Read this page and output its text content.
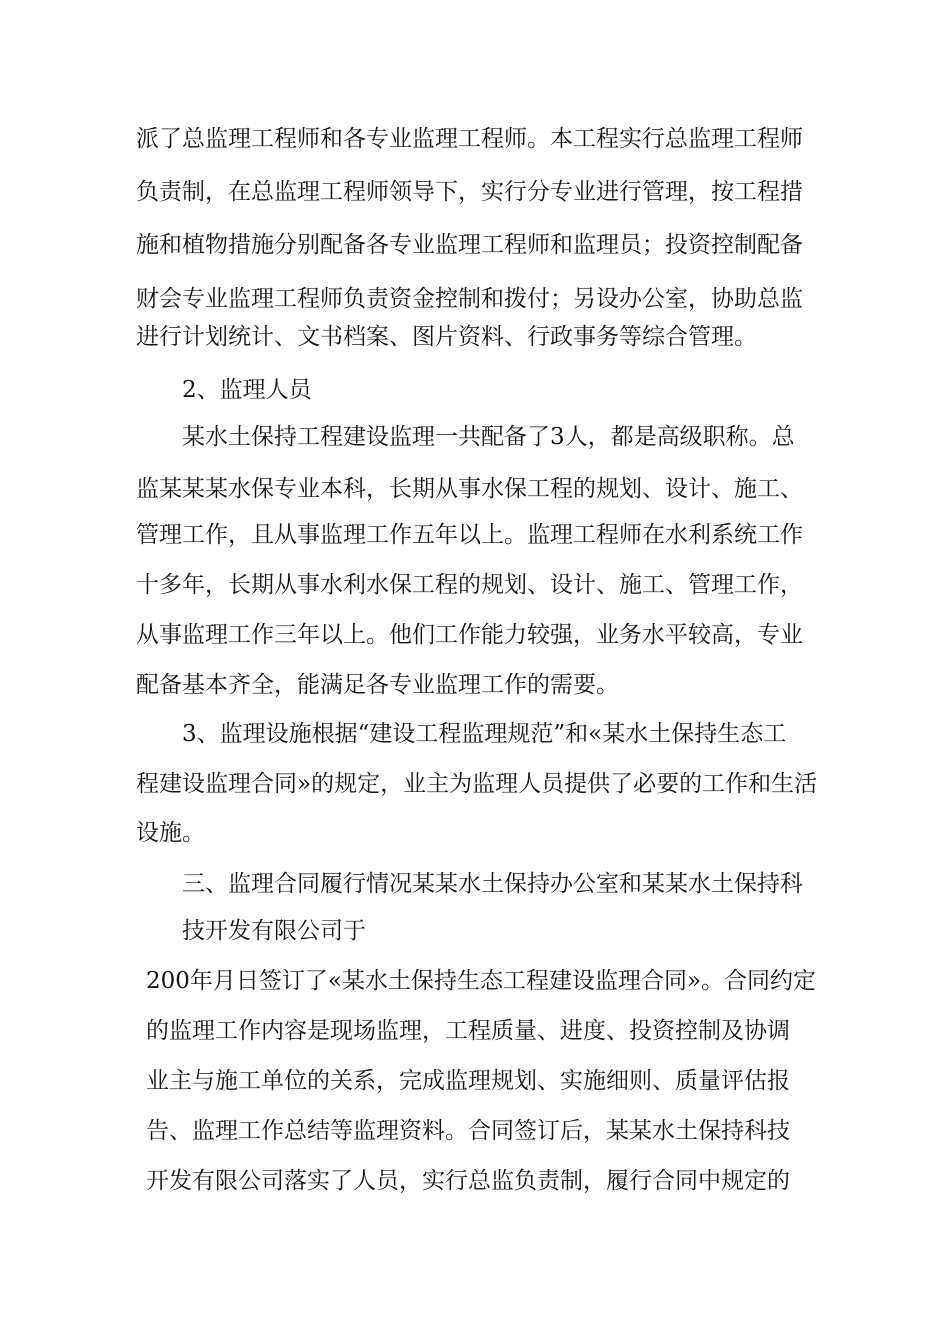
派了总监理工程师和各专业监理工程师。本工程实行总监理工程师
负责制，在总监理工程师领导下，实行分专业进行管理，按工程措
施和植物措施分别配备各专业监理工程师和监理员；投资控制配备
财会专业监理工程师负责资金控制和拨付；另设办公室，协助总监
进行计划统计、文书档案、图片资料、行政事务等综合管理。
2、监理人员
某水土保持工程建设监理一共配备了3人，都是高级职称。总
监某某某水保专业本科，长期从事水保工程的规划、设计、施工、
管理工作，且从事监理工作五年以上。监理工程师在水利系统工作
十多年，长期从事水利水保工程的规划、设计、施工、管理工作，
从事监理工作三年以上。他们工作能力较强，业务水平较高，专业
配备基本齐全，能满足各专业监理工作的需要。
3、监理设施根据“建设工程监理规范”和«某水土保持生态工
程建设监理合同»的规定，业主为监理人员提供了必要的工作和生活
设施。
三、监理合同履行情况某某水土保持办公室和某某水土保持科
技开发有限公司于
200年月日签订了«某水土保持生态工程建设监理合同»。合同约定
的监理工作内容是现场监理，工程质量、进度、投资控制及协调
业主与施工单位的关系，完成监理规划、实施细则、质量评估报
告、监理工作总结等监理资料。合同签订后，某某水土保持科技
开发有限公司落实了人员，实行总监负责制，履行合同中规定的
